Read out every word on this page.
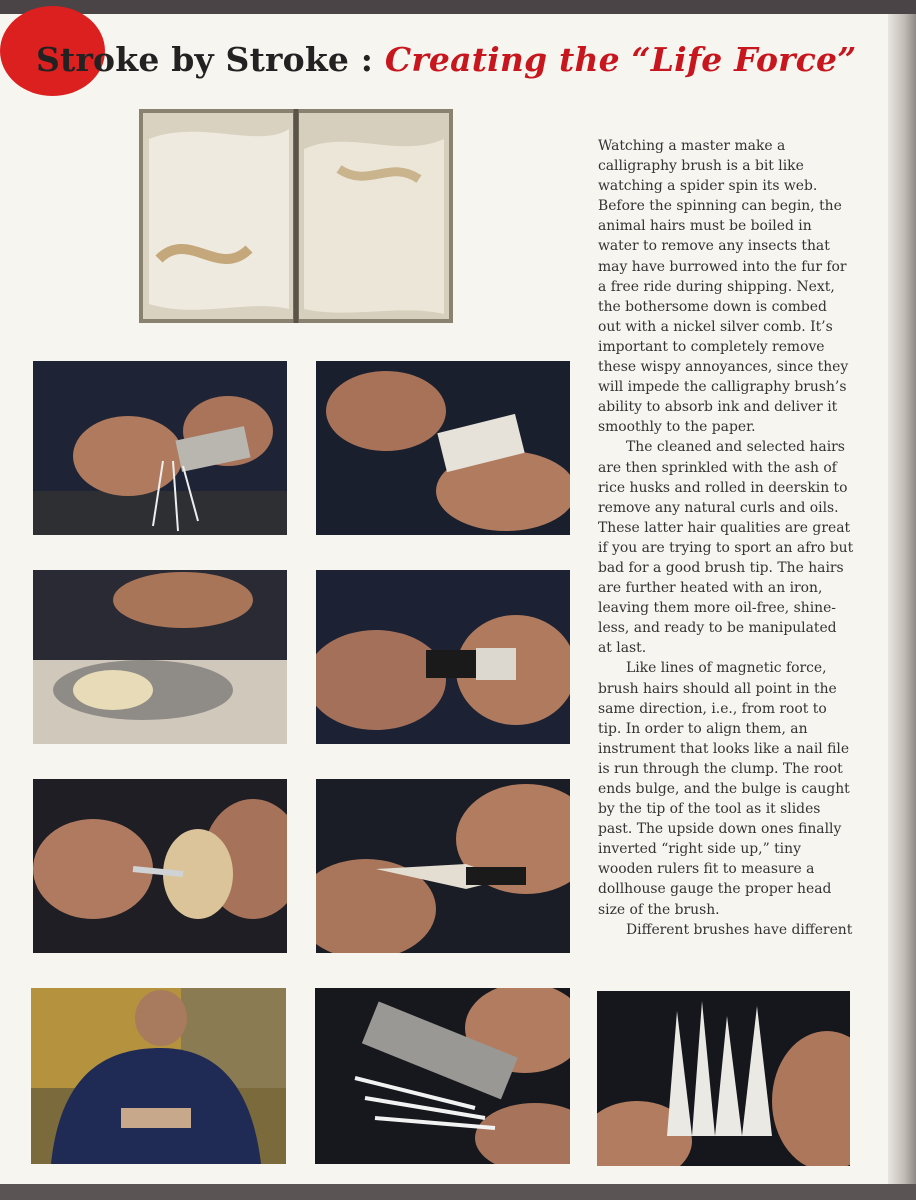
Stroke by Stroke : Creating the “Life Force”

Watching a master make a calligraphy brush is a bit like watching a spider spin its web. Before the spinning can begin, the animal hairs must be boiled in water to remove any insects that may have burrowed into the fur for a free ride during shipping. Next, the bothersome down is combed out with a nickel silver comb. It’s important to completely remove these wispy annoyances, since they will impede the calligraphy brush’s ability to absorb ink and deliver it smoothly to the paper.

The cleaned and selected hairs are then sprinkled with the ash of rice husks and rolled in deerskin to remove any natural curls and oils. These latter hair qualities are great if you are trying to sport an afro but bad for a good brush tip. The hairs are further heated with an iron, leaving them more oil-free, shine-less, and ready to be manipulated at last.

Like lines of magnetic force, brush hairs should all point in the same direction, i.e., from root to tip. In order to align them, an instrument that looks like a nail file is run through the clump. The root ends bulge, and the bulge is caught by the tip of the tool as it slides past. The upside down ones finally inverted “right side up,” tiny wooden rulers fit to measure a dollhouse gauge the proper head size of the brush.

Different brushes have different
